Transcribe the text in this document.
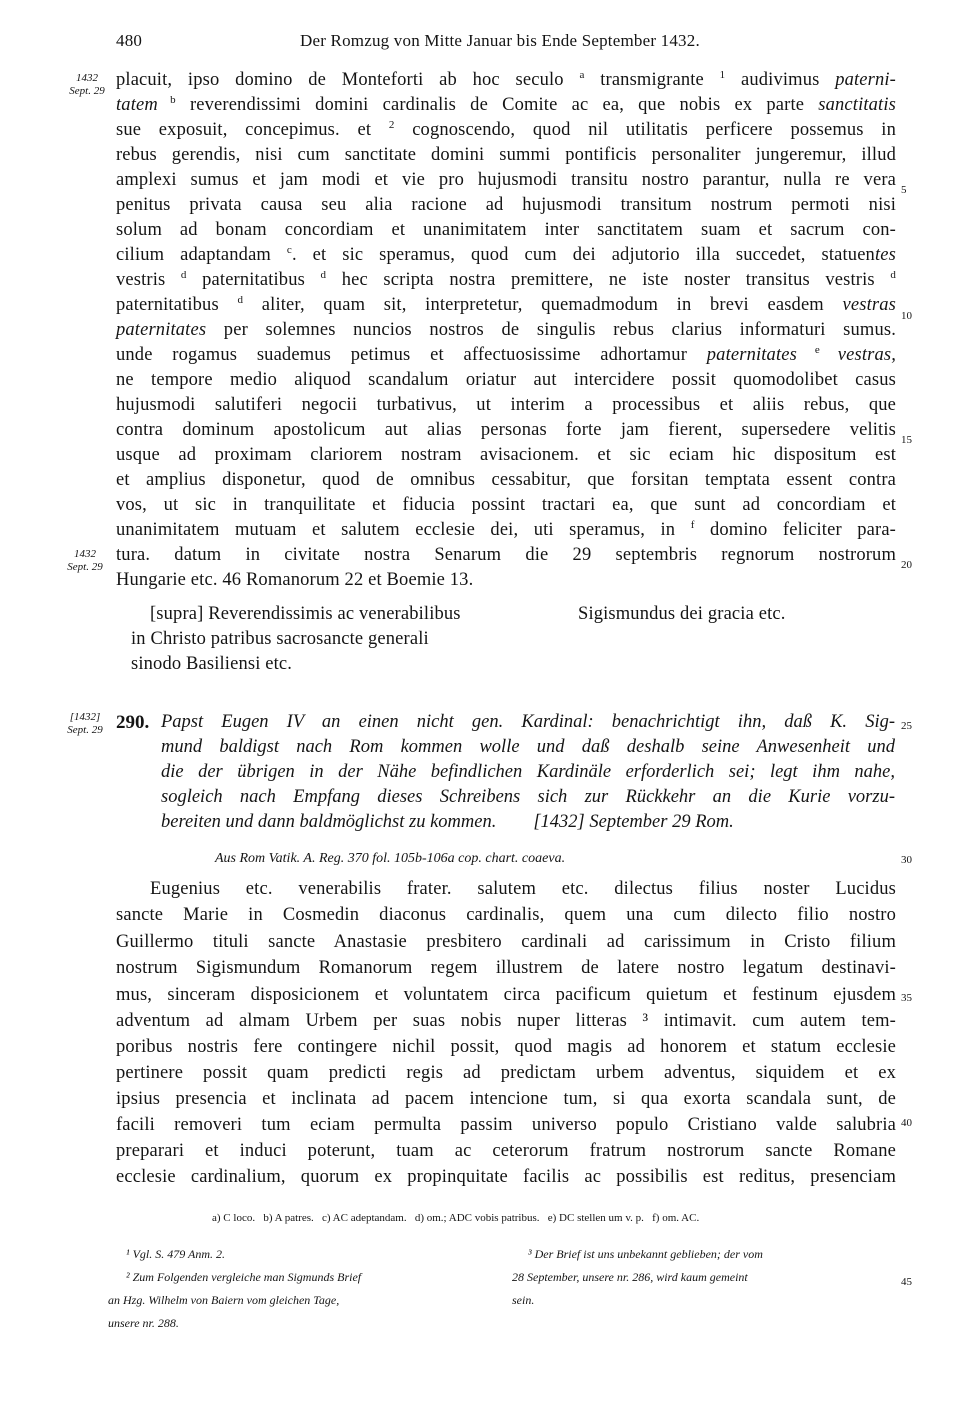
480	Der Romzug von Mitte Januar bis Ende September 1432.
1432
Sept. 29
1432
Sept. 29
[1432]
Sept. 29
5
10
15
20
25
30
35
40
45
placuit, ipso domino de Monteforti ab hoc seculo $^a$ transmigrante $^1$ audivimus paterni-
tatem $^b$ reverendissimi domini cardinalis de Comite ac ea, que nobis ex parte sanctitatis
sue exposuit, concepimus. et $^2$ cognoscendo, quod nil utilitatis perficere possemus in
rebus gerendis, nisi cum sanctitate domini summi pontificis personaliter jungeremur, illud
amplexi sumus et jam modi et vie pro hujusmodi transitu nostro parantur, nulla re vera
penitus privata causa seu alia racione ad hujusmodi transitum nostrum permoti nisi
solum ad bonam concordiam et unanimitatem inter sanctitatem suam et sacrum con-
cilium adaptandam $^c$. et sic speramus, quod cum dei adjutorio illa succedet, statuentes
vestris $^d$ paternitatibus $^d$ hec scripta nostra premittere, ne iste noster transitus vestris $^d$
paternitatibus $^d$ aliter, quam sit, interpretetur, quemadmodum in brevi easdem vestras
paternitates per solemnes nuncios nostros de singulis rebus clarius informaturi sumus.
unde rogamus suademus petimus et affectuosissime adhortamur paternitates $^e$ vestras,
ne tempore medio aliquod scandalum oriatur aut intercidere possit quomodolibet casus
hujusmodi salutiferi negocii turbativus, ut interim a processibus et aliis rebus, que
contra dominum apostolicum aut alias personas forte jam fierent, supersedere velitis
usque ad proximam clariorem nostram avisacionem. et sic eciam hic dispositum est
et amplius disponetur, quod de omnibus cessabitur, que forsitan temptata essent contra
vos, ut sic in tranquilitate et fiducia possint tractari ea, que sunt ad concordiam et
unanimitatem mutuam et salutem ecclesie dei, uti speramus, in $^f$ domino feliciter para-
tura. datum in civitate nostra Senarum die 29 septembris regnorum nostrorum
Hungarie etc. 46 Romanorum 22 et Boemie 13.
[supra] Reverendissimis ac venerabilibus
in Christo patribus sacrosancte generali
sinodo Basiliensi etc.
Sigismundus dei gracia etc.
290. Papst Eugen IV an einen nicht gen. Kardinal: benachrichtigt ihn, daß K. Sig-
mund baldigst nach Rom kommen wolle und daß deshalb seine Anwesenheit und
die der übrigen in der Nähe befindlichen Kardinäle erforderlich sei; legt ihm nahe,
sogleich nach Empfang dieses Schreibens sich zur Rückkehr an die Kurie vorzu-
bereiten und dann baldmöglichst zu kommen.        [1432] September 29 Rom.
Aus Rom Vatik. A. Reg. 370 fol. 105b-106a cop. chart. coaeva.
Eugenius etc. venerabilis frater. salutem etc. dilectus filius noster Lucidus
sancte Marie in Cosmedin diaconus cardinalis, quem una cum dilecto filio nostro
Guillermo tituli sancte Anastasie presbitero cardinali ad carissimum in Cristo filium
nostrum Sigismundum Romanorum regem illustrem de latere nostro legatum destinavi-
mus, sinceram disposicionem et voluntatem circa pacificum quietum et festinum ejusdem
adventum ad almam Urbem per suas nobis nuper litteras ³ intimavit. cum autem tem-
poribus nostris fere contingere nichil possit, quod magis ad honorem et statum ecclesie
pertinere possit quam predicti regis ad predictam urbem adventus, siquidem et ex
ipsius presencia et inclinata ad pacem intencione tum, si qua exorta scandala sunt, de
facili removeri tum eciam permulta passim universo populo Cristiano valde salubria
preparari et induci poterunt, tuam ac ceterorum fratrum nostrorum sancte Romane
ecclesie cardinalium, quorum ex propinquitate facilis ac possibilis est reditus, presenciam
a) C loco.   b) A patres.   c) AC adeptandam.   d) om.; ADC vobis patribus.   e) DC stellen um v. p.   f) om. AC.
¹ Vgl. S. 479 Anm. 2.
² Zum Folgenden vergleiche man Sigmunds Brief
an Hzg. Wilhelm von Baiern vom gleichen Tage,
unsere nr. 288.
³ Der Brief ist uns unbekannt geblieben; der vom
28 September, unsere nr. 286, wird kaum gemeint
sein.
